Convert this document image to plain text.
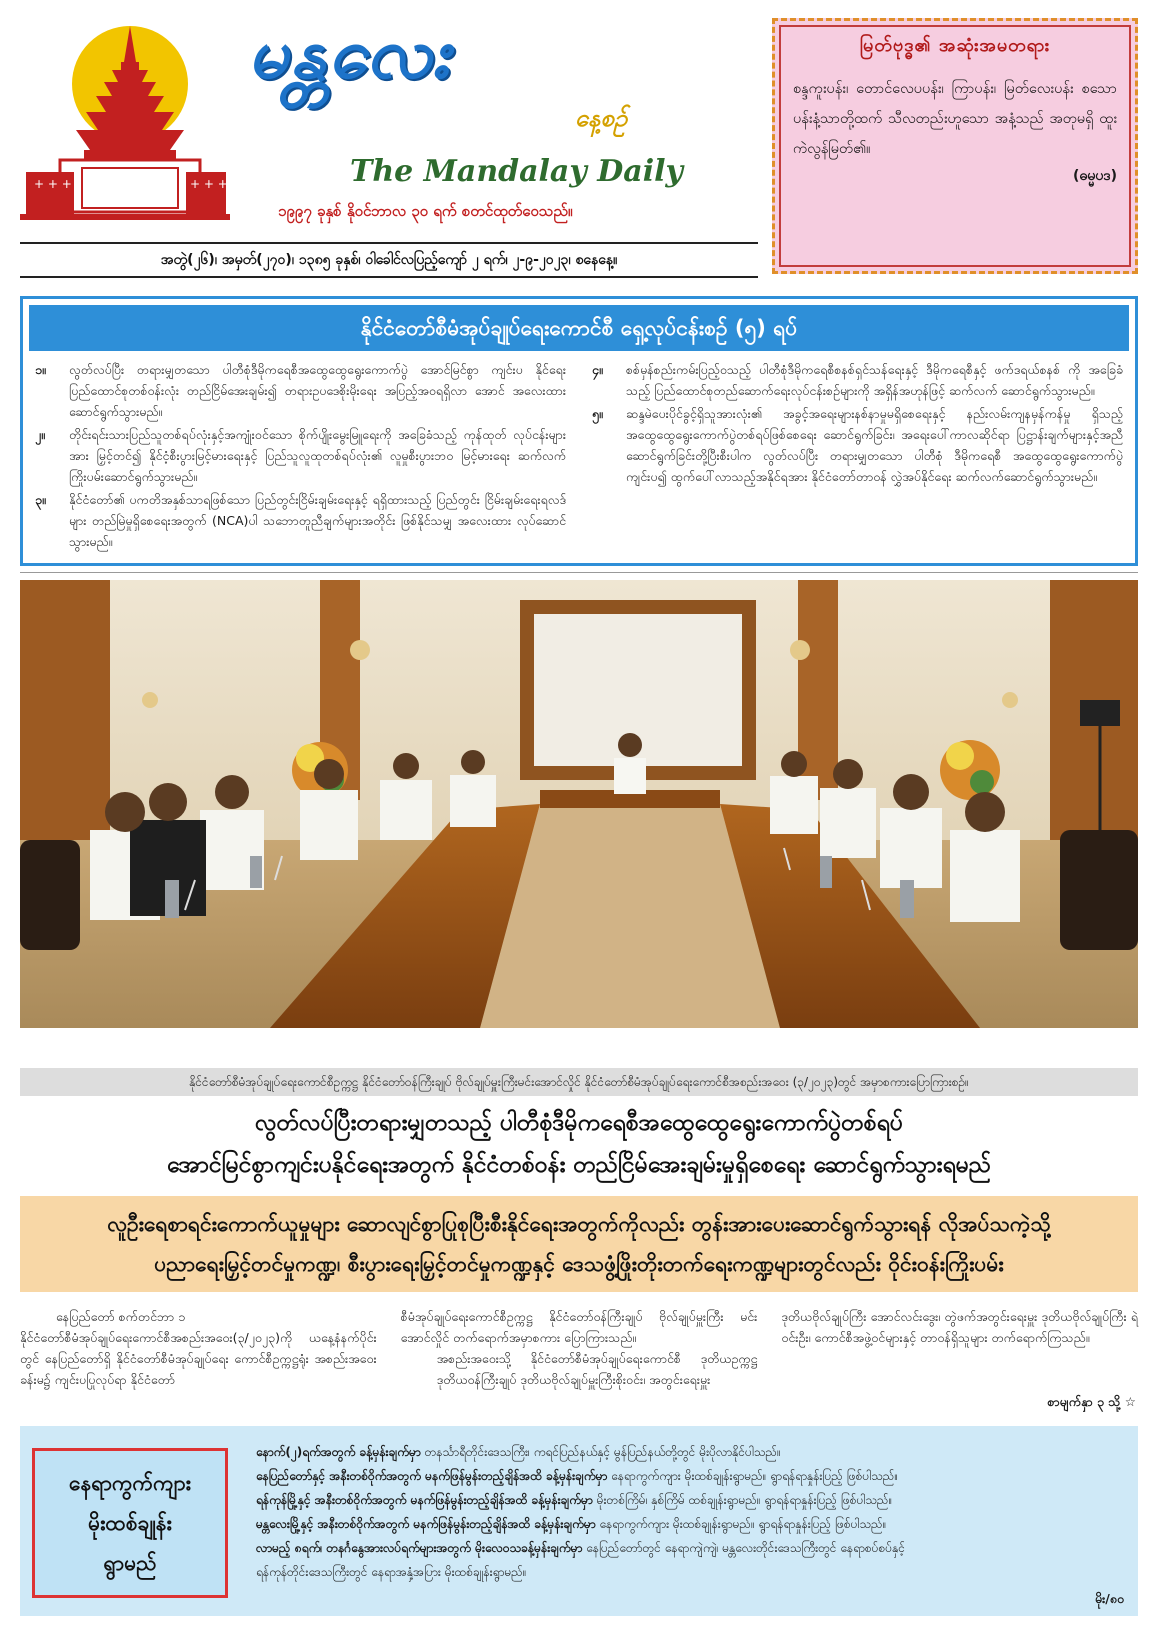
+ + +	+ + +
မန္တလေး
နေ့စဉ်
The Mandalay Daily
၁၉၉၇ ခုနှစ် နိုဝင်ဘာလ ၃၀ ရက် စတင်ထုတ်ဝေသည်။
အတွဲ(၂၆)၊ အမှတ်(၂၇၀)၊ ၁၃၈၅ ခုနှစ်၊ ဝါခေါင်လပြည့်ကျော် ၂ ရက်၊ ၂-၉-၂၀၂၃၊ စနေနေ့။
မြတ်ဗုဒ္ဓ၏ အဆုံးအမတရား
စန္ဒကူးပန်း၊ တောင်လေပပန်း၊ ကြာပန်း၊ မြတ်လေးပန်း စသော ပန်းနံ့သာတို့ထက် သီလတည်းဟူသော အနံ့သည် အတုမရှိ ထူးကဲလွန်မြတ်၏။
(ဓမ္မပဒ)
နိုင်ငံတော်စီမံအုပ်ချုပ်ရေးကောင်စီ ရှေ့လုပ်ငန်းစဉ် (၅) ရပ်
၁။	လွတ်လပ်ပြီး တရားမျှတသော ပါတီစုံဒီမိုကရေစီအထွေထွေရွေးကောက်ပွဲ အောင်မြင်စွာ ကျင်းပ နိုင်ရေး ပြည်ထောင်စုတစ်ဝန်းလုံး တည်ငြိမ်အေးချမ်း၍ တရားဥပဒေစိုးမိုးရေး အပြည့်အဝရရှိလာ အောင် အလေးထားဆောင်ရွက်သွားမည်။
၂။	တိုင်းရင်းသားပြည်သူတစ်ရပ်လုံးနှင့်အကျုံးဝင်သော စိုက်ပျိုးမွေးမြူရေးကို အခြေခံသည့် ကုန်ထုတ် လုပ်ငန်းများအား မြှင့်တင်၍ နိုင်ငံ့စီးပွားမြင့်မားရေးနှင့် ပြည်သူလူထုတစ်ရပ်လုံး၏ လူမှုစီးပွားဘဝ မြင့်မားရေး ဆက်လက်ကြိုးပမ်းဆောင်ရွက်သွားမည်။
၃။	နိုင်ငံတော်၏ ပကတိအနှစ်သာရဖြစ်သော ပြည်တွင်းငြိမ်းချမ်းရေးနှင့် ရရှိထားသည့် ပြည်တွင်း ငြိမ်းချမ်းရေးရလဒ်များ တည်မြဲမှုရှိစေရေးအတွက် (NCA)ပါ သဘောတူညီချက်များအတိုင်း ဖြစ်နိုင်သမျှ အလေးထား လုပ်ဆောင်သွားမည်။
၄။	စစ်မှန်စည်းကမ်းပြည့်ဝသည့် ပါတီစုံဒီမိုကရေစီစနစ်ရှင်သန်ရေးနှင့် ဒီမိုကရေစီနှင့် ဖက်ဒရယ်စနစ် ကို အခြေခံသည့် ပြည်ထောင်စုတည်ဆောက်ရေးလုပ်ငန်းစဉ်များကို အရှိန်အဟုန်ဖြင့် ဆက်လက် ဆောင်ရွက်သွားမည်။
၅။	ဆန္ဒမဲပေးပိုင်ခွင့်ရှိသူအားလုံး၏ အခွင့်အရေးများနစ်နာမှုမရှိစေရေးနှင့် နည်းလမ်းကျနမှန်ကန်မှု ရှိသည့် အထွေထွေရွေးကောက်ပွဲတစ်ရပ်ဖြစ်စေရေး ဆောင်ရွက်ခြင်း၊ အရေးပေါ်ကာလဆိုင်ရာ ပြဋ္ဌာန်းချက်များနှင့်အညီ ဆောင်ရွက်ခြင်းတို့ပြီးစီးပါက လွတ်လပ်ပြီး တရားမျှတသော ပါတီစုံ ဒီမိုကရေစီ အထွေထွေရွေးကောက်ပွဲကျင်းပ၍ ထွက်ပေါ်လာသည့်အနိုင်ရအား နိုင်ငံတော်တာဝန် လွှဲအပ်နိုင်ရေး ဆက်လက်ဆောင်ရွက်သွားမည်။
နိုင်ငံတော်စီမံအုပ်ချုပ်ရေးကောင်စီဥက္ကဋ္ဌ နိုင်ငံတော်ဝန်ကြီးချုပ် ဗိုလ်ချုပ်မှူးကြီးမင်းအောင်လှိုင် နိုင်ငံတော်စီမံအုပ်ချုပ်ရေးကောင်စီအစည်းအဝေး (၃/၂၀၂၃)တွင် အမှာစကားပြောကြားစဉ်။
လွတ်လပ်ပြီးတရားမျှတသည့် ပါတီစုံဒီမိုကရေစီအထွေထွေရွေးကောက်ပွဲတစ်ရပ်
အောင်မြင်စွာကျင်းပနိုင်ရေးအတွက် နိုင်ငံတစ်ဝန်း တည်ငြိမ်အေးချမ်းမှုရှိစေရေး ဆောင်ရွက်သွားရမည်
လူဦးရေစာရင်းကောက်ယူမှုများ ဆောလျင်စွာပြုစုပြီးစီးနိုင်ရေးအတွက်ကိုလည်း တွန်းအားပေးဆောင်ရွက်သွားရန် လိုအပ်သကဲ့သို့
ပညာရေးမြှင့်တင်မှုကဏ္ဍ၊ စီးပွားရေးမြှင့်တင်မှုကဏ္ဍနှင့် ဒေသဖွံ့ဖြိုးတိုးတက်ရေးကဏ္ဍများတွင်လည်း ဝိုင်းဝန်းကြိုးပမ်း
နေပြည်တော် စက်တင်ဘာ ၁
နိုင်ငံတော်စီမံအုပ်ချုပ်ရေးကောင်စီအစည်းအဝေး(၃/၂၀၂၃)ကို ယနေ့နံနက်ပိုင်းတွင် နေပြည်တော်ရှိ နိုင်ငံတော်စီမံအုပ်ချုပ်ရေး ကောင်စီဥက္ကဋ္ဌရုံး အစည်းအဝေးခန်းမ၌ ကျင်းပပြုလုပ်ရာ နိုင်ငံတော်
စီမံအုပ်ချုပ်ရေးကောင်စီဥက္ကဋ္ဌ နိုင်ငံတော်ဝန်ကြီးချုပ် ဗိုလ်ချုပ်မှူးကြီး မင်းအောင်လှိုင် တက်ရောက်အမှာစကား ပြောကြားသည်။
အစည်းအဝေးသို့ နိုင်ငံတော်စီမံအုပ်ချုပ်ရေးကောင်စီ ဒုတိယဥက္ကဋ္ဌ ဒုတိယဝန်ကြီးချုပ် ဒုတိယဗိုလ်ချုပ်မှူးကြီးစိုးဝင်း၊ အတွင်းရေးမှူး
ဒုတိယဗိုလ်ချုပ်ကြီး အောင်လင်းဒွေး၊ တွဲဖက်အတွင်းရေးမှူး ဒုတိယဗိုလ်ချုပ်ကြီး ရဲဝင်းဦး၊ ကောင်စီအဖွဲ့ဝင်များနှင့် တာဝန်ရှိသူများ တက်ရောက်ကြသည်။
စာမျက်နှာ ၃ သို့ ☆
နေရာကွက်ကျား
မိုးထစ်ချုန်း
ရွာမည်
နောက်(၂)ရက်အတွက် ခန့်မှန်းချက်မှာ တနင်္သာရီတိုင်းဒေသကြီး၊ ကရင်ပြည်နယ်နှင့် မွန်ပြည်နယ်တို့တွင် မိုးပိုလာနိုင်ပါသည်။
နေပြည်တော်နှင့် အနီးတစ်ဝိုက်အတွက် မနက်ဖြန်မွန်းတည့်ချိန်အထိ ခန့်မှန်းချက်မှာ နေရာကွက်ကျား မိုးထစ်ချုန်းရွာမည်။ ရွာရန်ရာနှုန်းပြည့် ဖြစ်ပါသည်။
ရန်ကုန်မြို့နှင့် အနီးတစ်ဝိုက်အတွက် မနက်ဖြန်မွန်းတည့်ချိန်အထိ ခန့်မှန်းချက်မှာ မိုးတစ်ကြိမ်၊ နှစ်ကြိမ် ထစ်ချုန်းရွာမည်။ ရွာရန်ရာနှုန်းပြည့် ဖြစ်ပါသည်။
မန္တလေးမြို့နှင့် အနီးတစ်ဝိုက်အတွက် မနက်ဖြန်မွန်းတည့်ချိန်အထိ ခန့်မှန်းချက်မှာ နေရာကွက်ကျား မိုးထစ်ချုန်းရွာမည်။ ရွာရန်ရာနှုန်းပြည့် ဖြစ်ပါသည်။
လာမည့် ၈ရက်၊ တနင်္ဂနွေအားလပ်ရက်များအတွက် မိုးလေဝသခန့်မှန်းချက်မှာ နေပြည်တော်တွင် နေရာကျဲကျဲ၊ မန္တလေးတိုင်းဒေသကြီးတွင် နေရာစပ်စပ်နှင့်
ရန်ကုန်တိုင်းဒေသကြီးတွင် နေရာအနှံ့အပြား မိုးထစ်ချုန်းရွာမည်။
မိုး/၈၀
